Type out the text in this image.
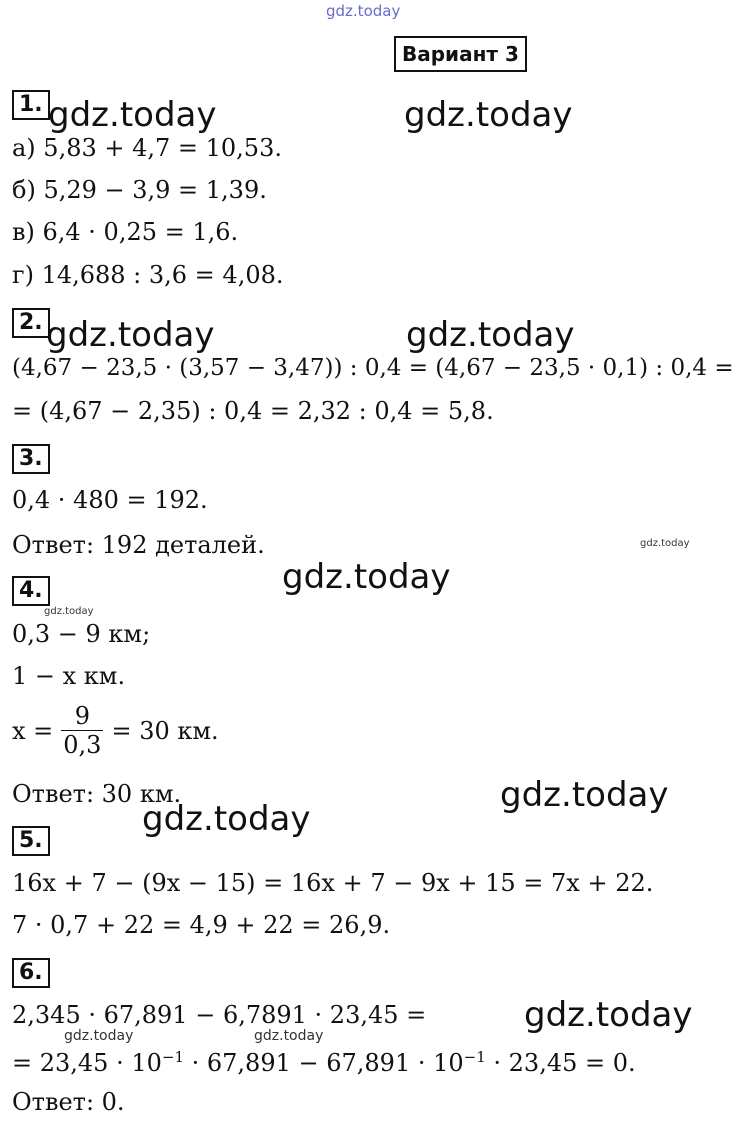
gdz.today
Вариант 3
1. gdz.today	gdz.today
а) 5,83 + 4,7 = 10,53.
б) 5,29 − 3,9 = 1,39.
в) 6,4 · 0,25 = 1,6.
г) 14,688 : 3,6 = 4,08.
2. gdz.today	gdz.today
(4,67 − 23,5 · (3,57 − 3,47)) : 0,4 = (4,67 − 23,5 · 0,1) : 0,4 =
= (4,67 − 2,35) : 0,4 = 2,32 : 0,4 = 5,8.
3.
0,4 · 480 = 192.
Ответ: 192 деталей.	gdz.today
4.	gdz.today
gdz.today
0,3 − 9 км;
1 − x км.
$x = \frac{9}{0,3} = 30$ км.
Ответ: 30 км.	gdz.today
gdz.today
5.
16x + 7 − (9x − 15) = 16x + 7 − 9x + 15 = 7x + 22.
7 · 0,7 + 22 = 4,9 + 22 = 26,9.
6.
2,345 · 67,891 − 6,7891 · 23,45 =	gdz.today
gdz.today	gdz.today
= $23,45 \cdot 10^{-1} \cdot 67,891 - 67,891 \cdot 10^{-1} \cdot 23,45 = 0$.
Ответ: 0.
